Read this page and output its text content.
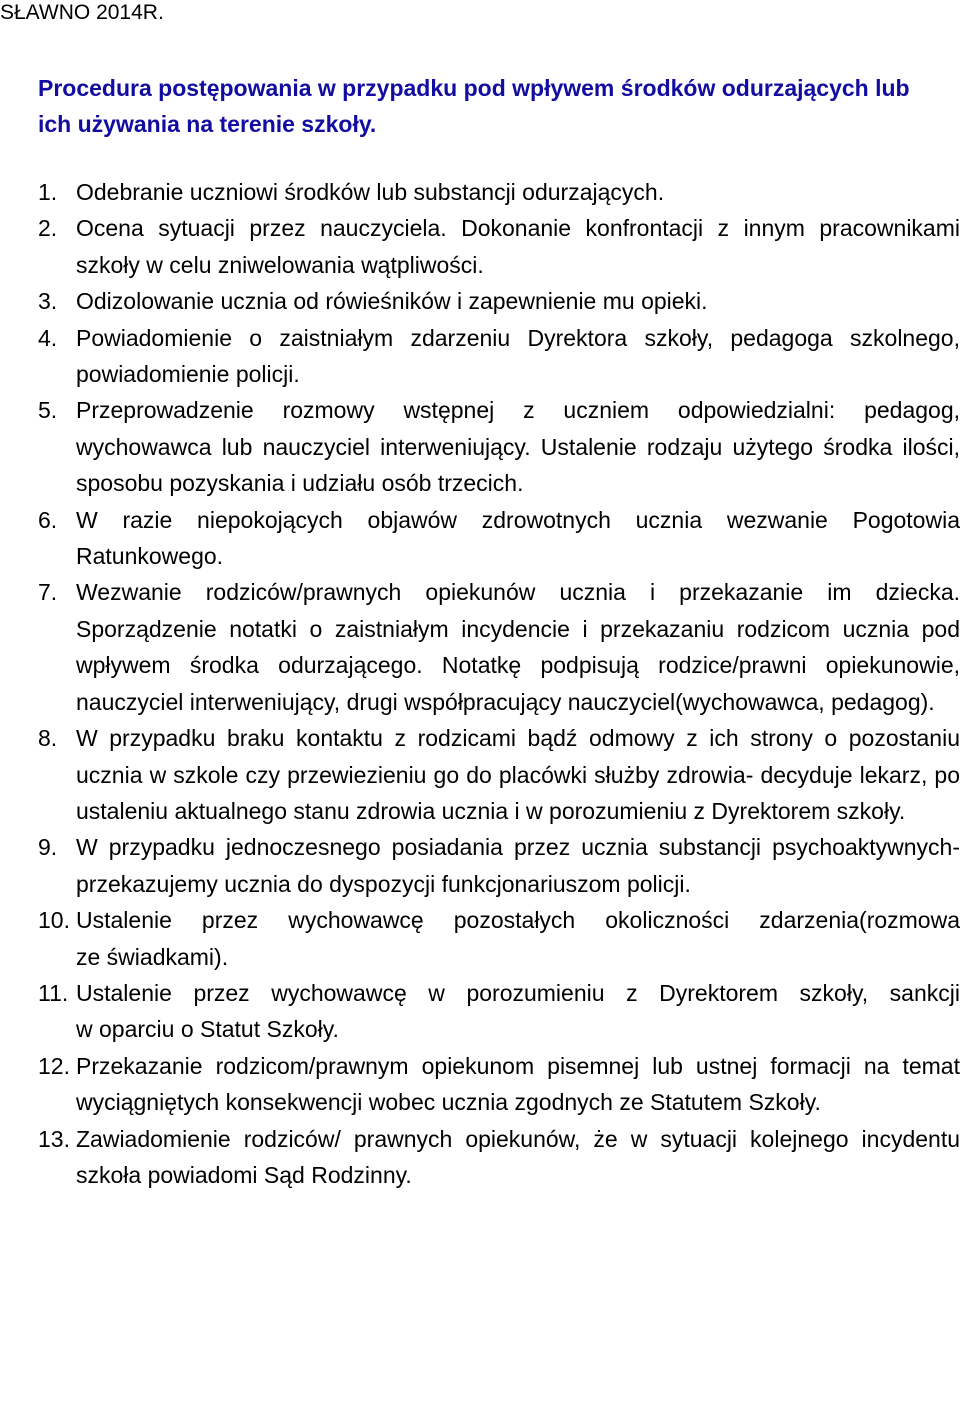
SŁAWNO 2014R.
Procedura postępowania w przypadku pod wpływem środków odurzających lub ich używania na terenie szkoły.
1. Odebranie uczniowi środków lub substancji odurzających.
2. Ocena sytuacji przez nauczyciela. Dokonanie konfrontacji z innym pracownikami szkoły w celu zniwelowania wątpliwości.
3. Odizolowanie ucznia od rówieśników i zapewnienie mu opieki.
4. Powiadomienie o zaistniałym zdarzeniu Dyrektora szkoły, pedagoga szkolnego, powiadomienie policji.
5. Przeprowadzenie rozmowy wstępnej z uczniem odpowiedzialni: pedagog, wychowawca lub nauczyciel interweniujący. Ustalenie rodzaju użytego środka ilości, sposobu pozyskania i udziału osób trzecich.
6. W razie niepokojących objawów zdrowotnych ucznia wezwanie Pogotowia Ratunkowego.
7. Wezwanie rodziców/prawnych opiekunów ucznia i przekazanie im dziecka. Sporządzenie notatki o zaistniałym incydencie i przekazaniu rodzicom ucznia pod wpływem środka odurzającego. Notatkę podpisują rodzice/prawni opiekunowie, nauczyciel interweniujący, drugi współpracujący nauczyciel(wychowawca, pedagog).
8. W przypadku braku kontaktu z rodzicami bądź odmowy z ich strony o pozostaniu ucznia w szkole czy przewiezieniu go do placówki służby zdrowia- decyduje lekarz, po ustaleniu aktualnego stanu zdrowia ucznia i w porozumieniu z Dyrektorem szkoły.
9. W przypadku jednoczesnego posiadania przez ucznia substancji psychoaktywnych- przekazujemy ucznia do dyspozycji funkcjonariuszom policji.
10. Ustalenie przez wychowawcę pozostałych okoliczności zdarzenia(rozmowa
ze świadkami).
11. Ustalenie przez wychowawcę w porozumieniu z Dyrektorem szkoły, sankcji
w oparciu o Statut Szkoły.
12. Przekazanie rodzicom/prawnym opiekunom pisemnej lub ustnej formacji na temat wyciągniętych konsekwencji wobec ucznia zgodnych ze Statutem Szkoły.
13. Zawiadomienie rodziców/ prawnych opiekunów, że w sytuacji kolejnego incydentu szkoła powiadomi Sąd Rodzinny.
